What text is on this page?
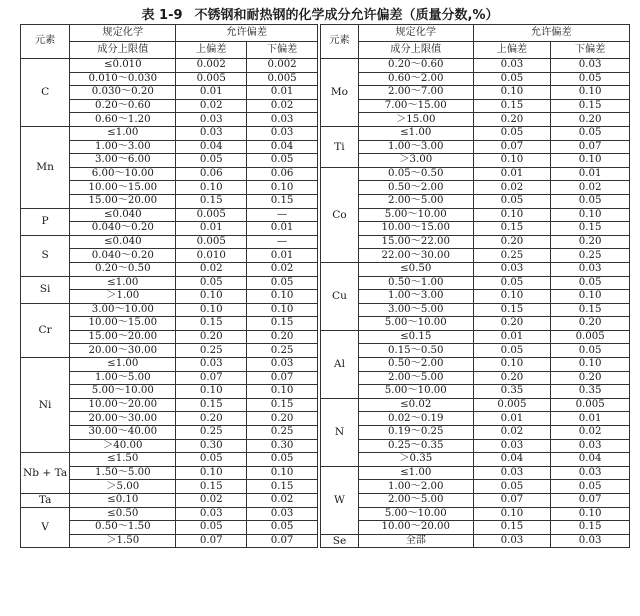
表 1-9 不锈钢和耐热钢的化学成分允许偏差（质量分数,%）
元素	规定化学	允许偏差	
	成分上限值	上偏差	下偏差
C	≤0.010	0.002	0.002
	0.010～0.030	0.005	0.005
	0.030～0.20	0.01	0.01
	0.20～0.60	0.02	0.02
	0.60～1.20	0.03	0.03
Mn	≤1.00	0.03	0.03
	1.00～3.00	0.04	0.04
	3.00～6.00	0.05	0.05
	6.00～10.00	0.06	0.06
	10.00～15.00	0.10	0.10
	15.00～20.00	0.15	0.15
P	≤0.040	0.005	—
	0.040～0.20	0.01	0.01
S	≤0.040	0.005	—
	0.040～0.20	0.010	0.01
	0.20～0.50	0.02	0.02
Si	≤1.00	0.05	0.05
	＞1.00	0.10	0.10
Cr	3.00～10.00	0.10	0.10
	10.00～15.00	0.15	0.15
	15.00～20.00	0.20	0.20
	20.00～30.00	0.25	0.25
Ni	≤1.00	0.03	0.03
	1.00～5.00	0.07	0.07
	5.00～10.00	0.10	0.10
	10.00～20.00	0.15	0.15
	20.00～30.00	0.20	0.20
	30.00～40.00	0.25	0.25
	＞40.00	0.30	0.30
Nb + Ta	≤1.50	0.05	0.05
	1.50～5.00	0.10	0.10
	＞5.00	0.15	0.15
Ta	≤0.10	0.02	0.02
V	≤0.50	0.03	0.03
	0.50～1.50	0.05	0.05
	＞1.50	0.07	0.07
元素	规定化学	允许偏差	
	成分上限值	上偏差	下偏差
Mo	0.20～0.60	0.03	0.03
	0.60～2.00	0.05	0.05
	2.00～7.00	0.10	0.10
	7.00～15.00	0.15	0.15
	＞15.00	0.20	0.20
Ti	≤1.00	0.05	0.05
	1.00～3.00	0.07	0.07
	＞3.00	0.10	0.10
Co	0.05～0.50	0.01	0.01
	0.50～2.00	0.02	0.02
	2.00～5.00	0.05	0.05
	5.00～10.00	0.10	0.10
	10.00～15.00	0.15	0.15
	15.00～22.00	0.20	0.20
	22.00～30.00	0.25	0.25
Cu	≤0.50	0.03	0.03
	0.50～1.00	0.05	0.05
	1.00～3.00	0.10	0.10
	3.00～5.00	0.15	0.15
	5.00～10.00	0.20	0.20
Al	≤0.15	0.01	0.005
	0.15～0.50	0.05	0.05
	0.50～2.00	0.10	0.10
	2.00～5.00	0.20	0.20
	5.00～10.00	0.35	0.35
N	≤0.02	0.005	0.005
	0.02～0.19	0.01	0.01
	0.19～0.25	0.02	0.02
	0.25～0.35	0.03	0.03
	＞0.35	0.04	0.04
W	≤1.00	0.03	0.03
	1.00～2.00	0.05	0.05
	2.00～5.00	0.07	0.07
	5.00～10.00	0.10	0.10
	10.00～20.00	0.15	0.15
Se	全部	0.03	0.03
